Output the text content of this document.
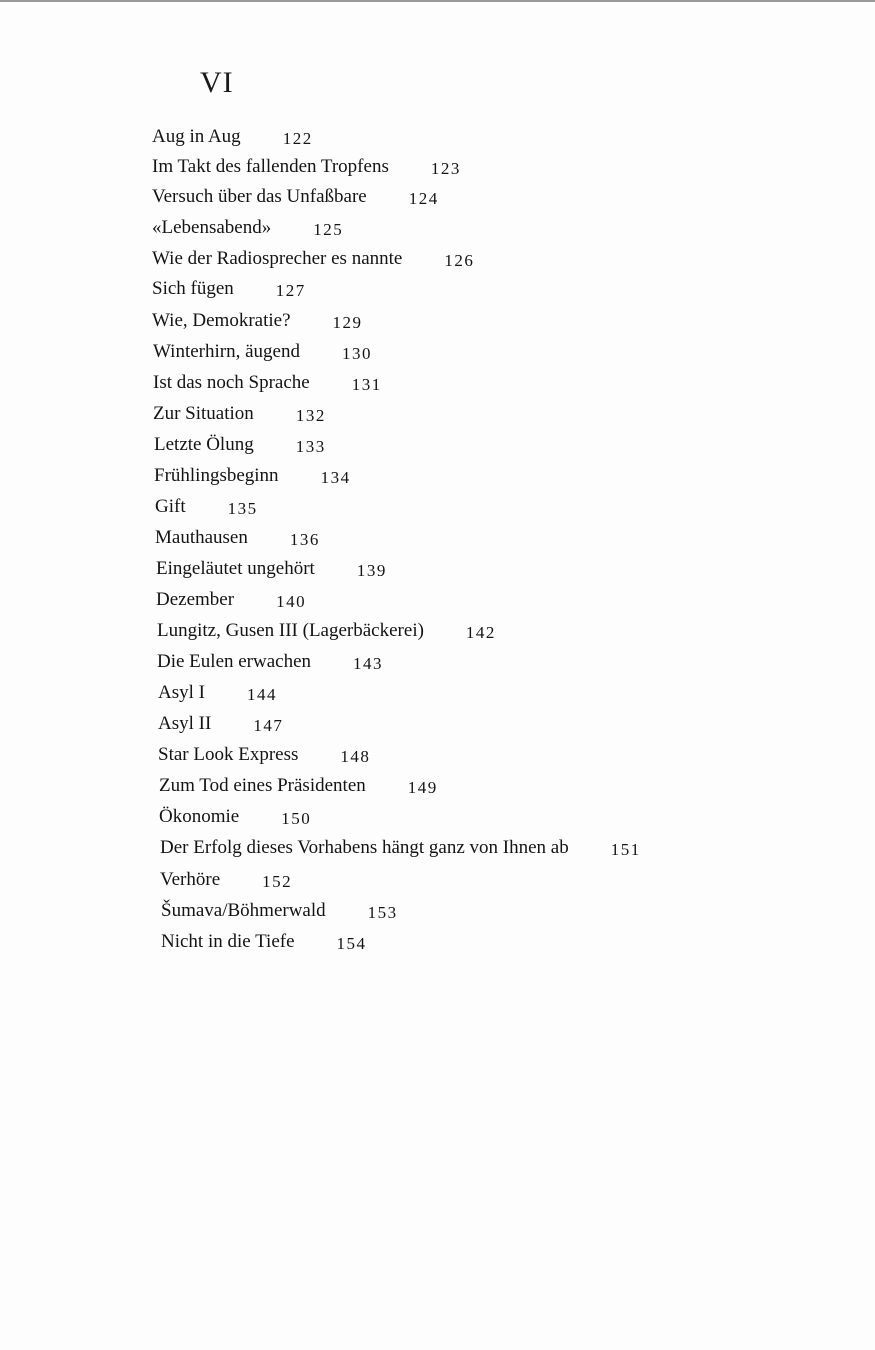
VI
Aug in Aug 122
Im Takt des fallenden Tropfens 123
Versuch über das Unfaßbare 124
«Lebensabend» 125
Wie der Radiosprecher es nannte 126
Sich fügen 127
Wie, Demokratie? 129
Winterhirn, äugend 130
Ist das noch Sprache 131
Zur Situation 132
Letzte Ölung 133
Frühlingsbeginn 134
Gift 135
Mauthausen 136
Eingeläutet ungehört 139
Dezember 140
Lungitz, Gusen III (Lagerbäckerei) 142
Die Eulen erwachen 143
Asyl I 144
Asyl II 147
Star Look Express 148
Zum Tod eines Präsidenten 149
Ökonomie 150
Der Erfolg dieses Vorhabens hängt ganz von Ihnen ab 151
Verhöre 152
Šumava/Böhmerwald 153
Nicht in die Tiefe 154
